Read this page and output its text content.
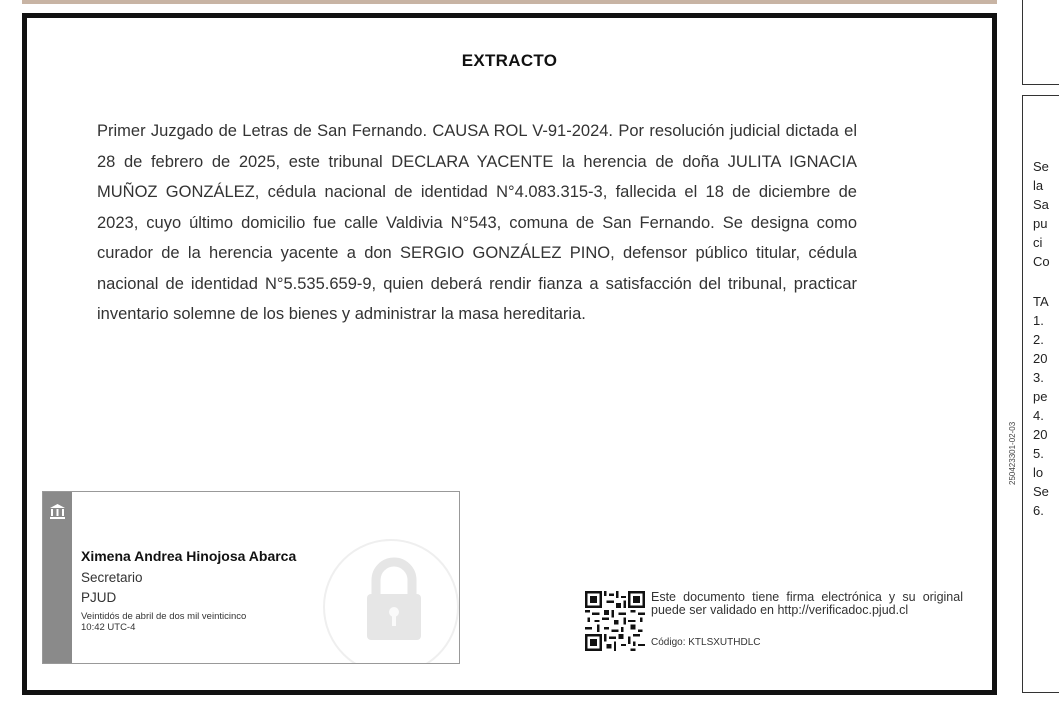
EXTRACTO
Primer Juzgado de Letras de San Fernando. CAUSA ROL V-91-2024. Por resolución judicial dictada el 28 de febrero de 2025, este tribunal DECLARA YACENTE la herencia de doña JULITA IGNACIA MUÑOZ GONZÁLEZ, cédula nacional de identidad N°4.083.315-3, fallecida el 18 de diciembre de 2023, cuyo último domicilio fue calle Valdivia N°543, comuna de San Fernando. Se designa como curador de la herencia yacente a don SERGIO GONZÁLEZ PINO, defensor público titular, cédula nacional de identidad N°5.535.659-9, quien deberá rendir fianza a satisfacción del tribunal, practicar inventario solemne de los bienes y administrar la masa hereditaria.
Ximena Andrea Hinojosa Abarca
Secretario
PJUD
Veintidós de abril de dos mil veinticinco
10:42 UTC-4
Este documento tiene firma electrónica y su original puede ser validado en http://verificadoc.pjud.cl
Código: KTLSXUTHDLC
250423301-02-03
Se
la
Sa
pu
ci
Co
TA
1.
2.
20
3.
pe
4.
20
5.
lo
Se
6.
